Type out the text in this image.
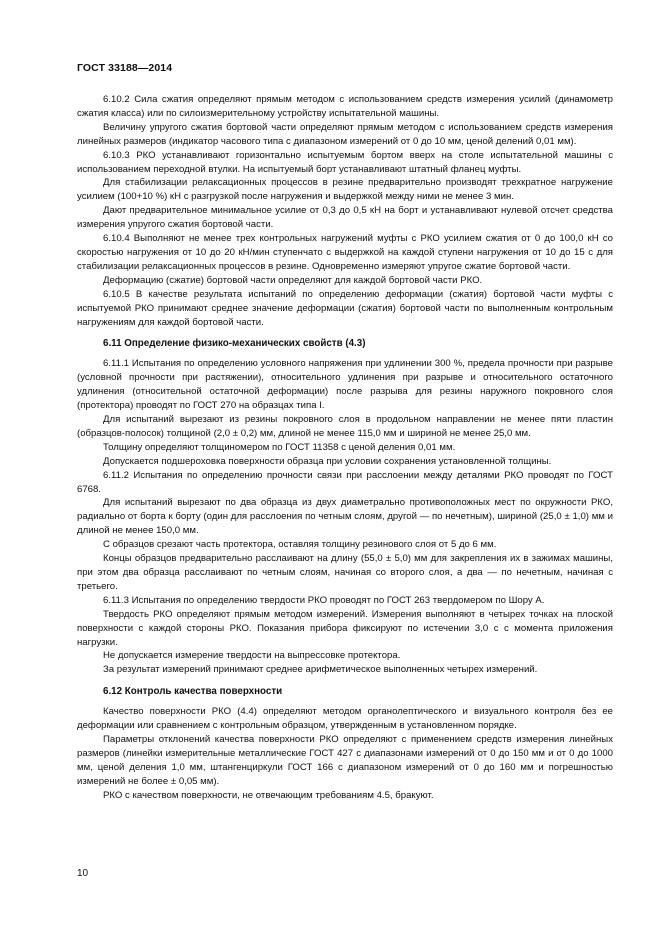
ГОСТ 33188—2014

6.10.2 Сила сжатия определяют прямым методом с использованием средств измерения усилий (динамометр сжатия класса) или по силоизмерительному устройству испытательной машины.

Величину упругого сжатия бортовой части определяют прямым методом с использованием средств измерения линейных размеров (индикатор часового типа с диапазоном измерений от 0 до 10 мм, ценой делений 0,01 мм).

6.10.3 РКО устанавливают горизонтально испытуемым бортом вверх на столе испытательной машины с использованием переходной втулки. На испытуемый борт устанавливают штатный фланец муфты.

Для стабилизации релаксационных процессов в резине предварительно производят трехкратное нагружение усилием (100+10 %) кН с разгрузкой после нагружения и выдержкой между ними не менее 3 мин.

Дают предварительное минимальное усилие от 0,3 до 0,5 кН на борт и устанавливают нулевой отсчет средства измерения упругого сжатия бортовой части.

6.10.4 Выполняют не менее трех контрольных нагружений муфты с РКО усилием сжатия от 0 до 100,0 кН со скоростью нагружения от 10 до 20 кН/мин ступенчато с выдержкой на каждой ступени нагружения от 10 до 15 с для стабилизации релаксационных процессов в резине. Одновременно измеряют упругое сжатие бортовой части.

Деформацию (сжатие) бортовой части определяют для каждой бортовой части РКО.

6.10.5 В качестве результата испытаний по определению деформации (сжатия) бортовой части муфты с испытуемой РКО принимают среднее значение деформации (сжатия) бортовой части по выполненным контрольным нагружениям для каждой бортовой части.

6.11 Определение физико-механических свойств (4.3)

6.11.1 Испытания по определению условного напряжения при удлинении 300 %, предела прочности при разрыве (условной прочности при растяжении), относительного удлинения при разрыве и относительного остаточного удлинения (относительной остаточной деформации) после разрыва для резины наружного покровного слоя (протектора) проводят по ГОСТ 270 на образцах типа I.

Для испытаний вырезают из резины покровного слоя в продольном направлении не менее пяти пластин (образцов-полосок) толщиной (2,0 ± 0,2) мм, длиной не менее 115,0 мм и шириной не менее 25,0 мм.

Толщину определяют толщиномером по ГОСТ 11358 с ценой деления 0,01 мм.

Допускается подшероховка поверхности образца при условии сохранения установленной толщины.

6.11.2 Испытания по определению прочности связи при расслоении между деталями РКО проводят по ГОСТ 6768.

Для испытаний вырезают по два образца из двух диаметрально противоположных мест по окружности РКО, радиально от борта к борту (один для расслоения по четным слоям, другой — по нечетным), шириной (25,0 ± 1,0) мм и длиной не менее 150,0 мм.

С образцов срезают часть протектора, оставляя толщину резинового слоя от 5 до 6 мм.

Концы образцов предварительно расслаивают на длину (55,0 ± 5,0) мм для закрепления их в зажимах машины, при этом два образца расслаивают по четным слоям, начиная со второго слоя, а два — по нечетным, начиная с третьего.

6.11.3 Испытания по определению твердости РКО проводят по ГОСТ 263 твердомером по Шору А.

Твердость РКО определяют прямым методом измерений. Измерения выполняют в четырех точках на плоской поверхности с каждой стороны РКО. Показания прибора фиксируют по истечении 3,0 с с момента приложения нагрузки.

Не допускается измерение твердости на выпрессовке протектора.

За результат измерений принимают среднее арифметическое выполненных четырех измерений.

6.12 Контроль качества поверхности

Качество поверхности РКО (4.4) определяют методом органолептического и визуального контроля без ее деформации или сравнением с контрольным образцом, утвержденным в установленном порядке.

Параметры отклонений качества поверхности РКО определяют с применением средств измерения линейных размеров (линейки измерительные металлические ГОСТ 427 с диапазонами измерений от 0 до 150 мм и от 0 до 1000 мм, ценой деления 1,0 мм, штангенциркули ГОСТ 166 с диапазоном измерений от 0 до 160 мм и погрешностью измерений не более ± 0,05 мм).

РКО с качеством поверхности, не отвечающим требованиям 4.5, бракуют.

10
